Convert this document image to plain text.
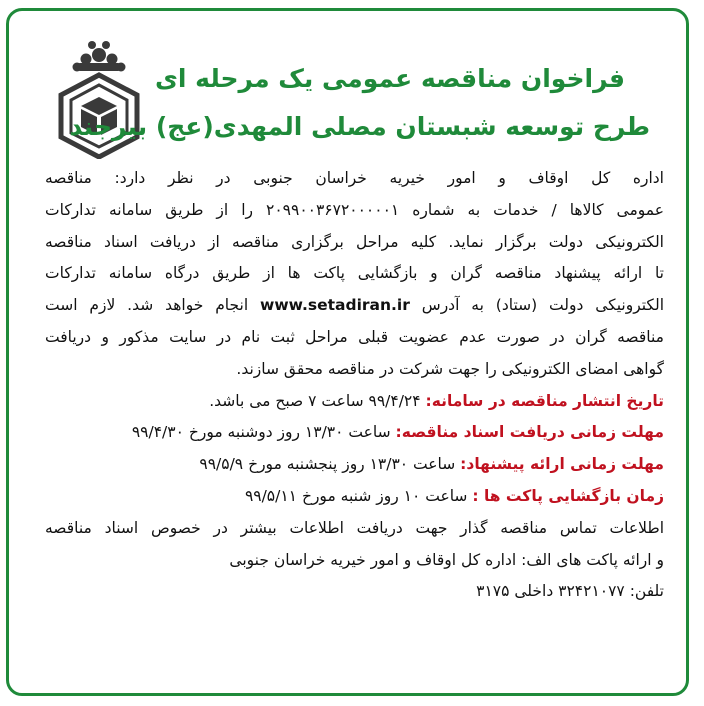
فراخوان مناقصه عمومی یک مرحله ای
طرح توسعه شبستان مصلی المهدی(عج) بیرجند
اداره کل اوقاف و امور خیریه خراسان جنوبی در نظر دارد: مناقصه
عمومی کالاها / خدمات به شماره ۲۰۹۹۰۰۳۶۷۲۰۰۰۰۰۱ را از طریق سامانه تدارکات
الکترونیکی دولت برگزار نماید. کلیه مراحل برگزاری مناقصه از دریافت اسناد مناقصه
تا ارائه پیشنهاد مناقصه گران و بازگشایی پاکت ها از طریق درگاه سامانه تدارکات
الکترونیکی دولت (ستاد) به آدرس www.setadiran.ir انجام خواهد شد. لازم است
مناقصه گران در صورت عدم عضویت قبلی مراحل ثبت نام در سایت مذکور و دریافت
گواهی امضای الکترونیکی را جهت شرکت در مناقصه محقق سازند.
تاریخ انتشار مناقصه در سامانه: ۹۹/۴/۲۴ ساعت ۷ صبح می باشد.
مهلت زمانی دریافت اسناد مناقصه: ساعت ۱۳/۳۰ روز دوشنبه مورخ ۹۹/۴/۳۰
مهلت زمانی ارائه پیشنهاد: ساعت ۱۳/۳۰ روز پنجشنبه مورخ ۹۹/۵/۹
زمان بازگشایی پاکت ها : ساعت ۱۰ روز شنبه مورخ ۹۹/۵/۱۱
اطلاعات تماس مناقصه گذار جهت دریافت اطلاعات بیشتر در خصوص اسناد مناقصه
و ارائه پاکت های الف: اداره کل اوقاف و امور خیریه خراسان جنوبی
تلفن: ۳۲۴۲۱۰۷۷ داخلی ۳۱۷۵
